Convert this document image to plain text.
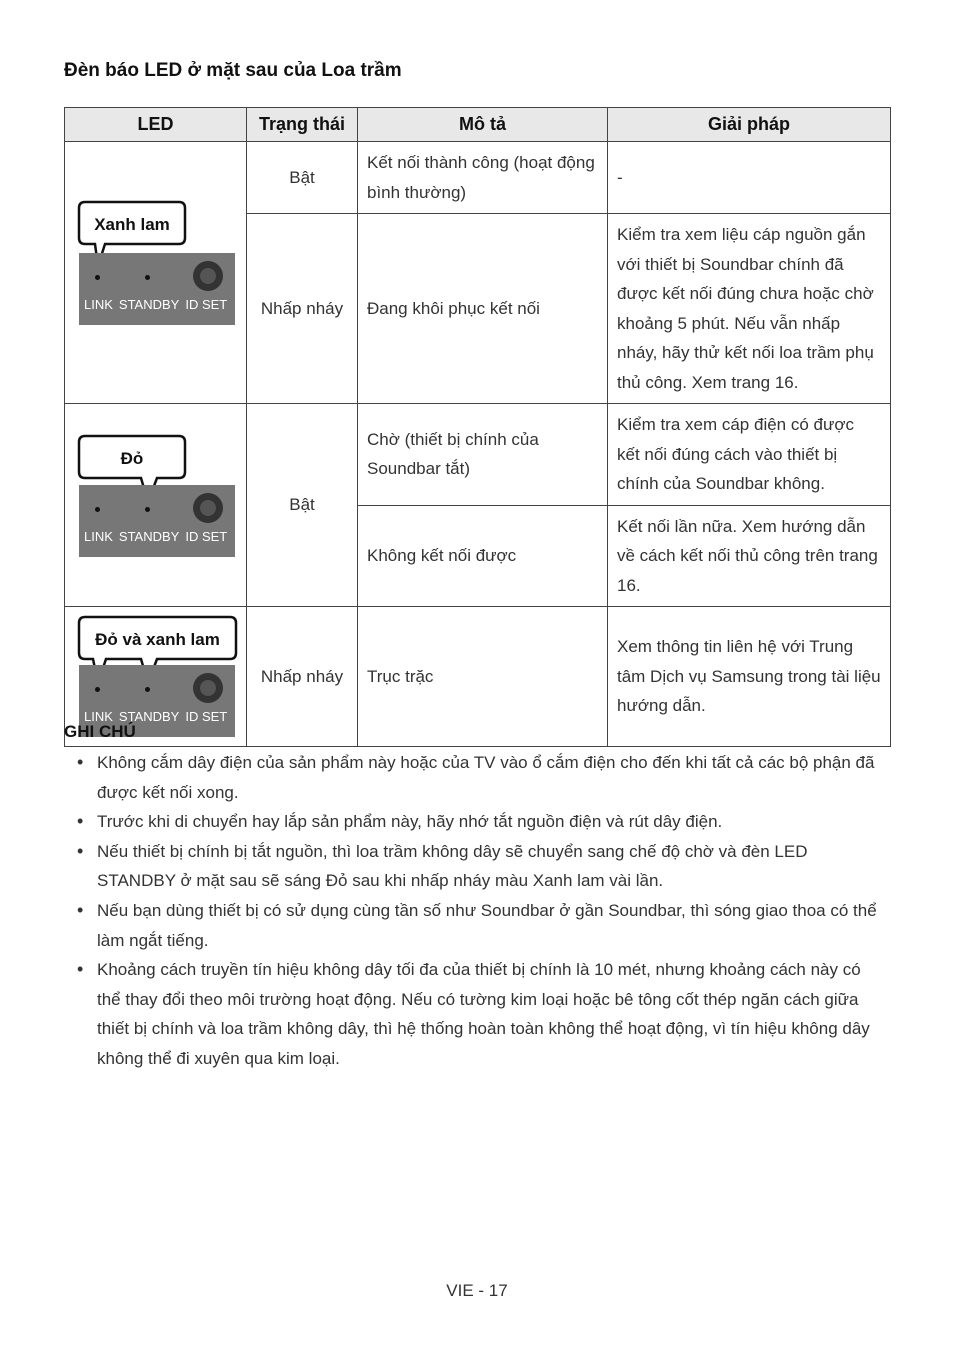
Đèn báo LED ở mặt sau của Loa trầm
LED	Trạng thái	Mô tả	Giải pháp

Xanh lam
LINK STANDBY ID SET	Bật	Kết nối thành công (hoạt động bình thường)	-
	Nhấp nháy	Đang khôi phục kết nối	Kiểm tra xem liệu cáp nguồn gắn với thiết bị Soundbar chính đã được kết nối đúng chưa hoặc chờ khoảng 5 phút. Nếu vẫn nhấp nháy, hãy thử kết nối loa trầm phụ thủ công. Xem trang 16.

Đỏ
LINK STANDBY ID SET	Bật	Chờ (thiết bị chính của Soundbar tắt)	Kiểm tra xem cáp điện có được kết nối đúng cách vào thiết bị chính của Soundbar không.
		Không kết nối được	Kết nối lần nữa. Xem hướng dẫn về cách kết nối thủ công trên trang 16.

Đỏ và xanh lam
LINK STANDBY ID SET	Nhấp nháy	Trục trặc	Xem thông tin liên hệ với Trung tâm Dịch vụ Samsung trong tài liệu hướng dẫn.
GHI CHÚ
• Không cắm dây điện của sản phẩm này hoặc của TV vào ổ cắm điện cho đến khi tất cả các bộ phận đã được kết nối xong.
• Trước khi di chuyển hay lắp sản phẩm này, hãy nhớ tắt nguồn điện và rút dây điện.
• Nếu thiết bị chính bị tắt nguồn, thì loa trầm không dây sẽ chuyển sang chế độ chờ và đèn LED STANDBY ở mặt sau sẽ sáng Đỏ sau khi nhấp nháy màu Xanh lam vài lần.
• Nếu bạn dùng thiết bị có sử dụng cùng tần số như Soundbar ở gần Soundbar, thì sóng giao thoa có thể làm ngắt tiếng.
• Khoảng cách truyền tín hiệu không dây tối đa của thiết bị chính là 10 mét, nhưng khoảng cách này có thể thay đổi theo môi trường hoạt động. Nếu có tường kim loại hoặc bê tông cốt thép ngăn cách giữa thiết bị chính và loa trầm không dây, thì hệ thống hoàn toàn không thể hoạt động, vì tín hiệu không dây không thể đi xuyên qua kim loại.
VIE - 17
